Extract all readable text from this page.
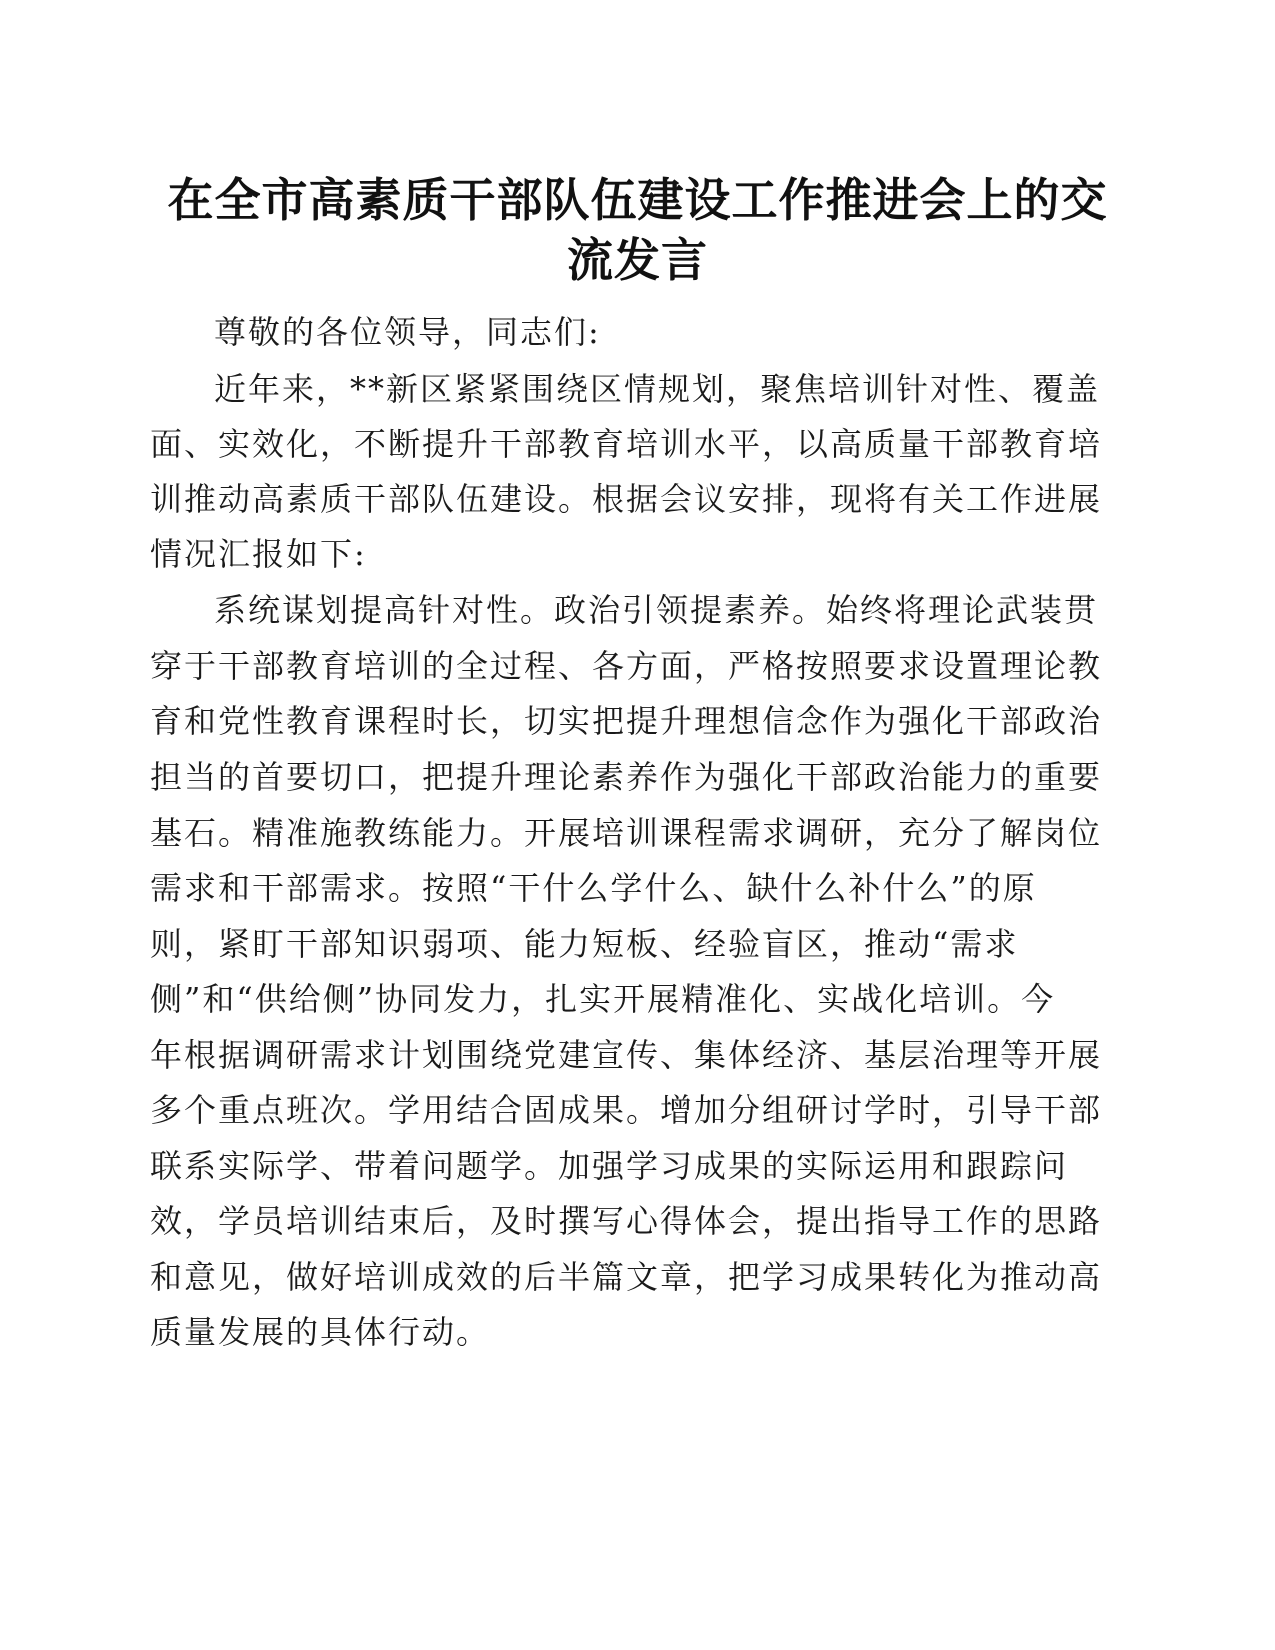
在全市高素质干部队伍建设工作推进会上的交
流发言
尊敬的各位领导，同志们:
近年来，**新区紧紧围绕区情规划，聚焦培训针对性、覆盖
面、实效化，不断提升干部教育培训水平，以高质量干部教育培
训推动高素质干部队伍建设。根据会议安排，现将有关工作进展
情况汇报如下:
系统谋划提高针对性。政治引领提素养。始终将理论武装贯
穿于干部教育培训的全过程、各方面，严格按照要求设置理论教
育和党性教育课程时长，切实把提升理想信念作为强化干部政治
担当的首要切口，把提升理论素养作为强化干部政治能力的重要
基石。精准施教练能力。开展培训课程需求调研，充分了解岗位
需求和干部需求。按照“干什么学什么、缺什么补什么”的原
则，紧盯干部知识弱项、能力短板、经验盲区，推动“需求
侧”和“供给侧”协同发力，扎实开展精准化、实战化培训。今
年根据调研需求计划围绕党建宣传、集体经济、基层治理等开展
多个重点班次。学用结合固成果。增加分组研讨学时，引导干部
联系实际学、带着问题学。加强学习成果的实际运用和跟踪问
效，学员培训结束后，及时撰写心得体会，提出指导工作的思路
和意见，做好培训成效的后半篇文章，把学习成果转化为推动高
质量发展的具体行动。
